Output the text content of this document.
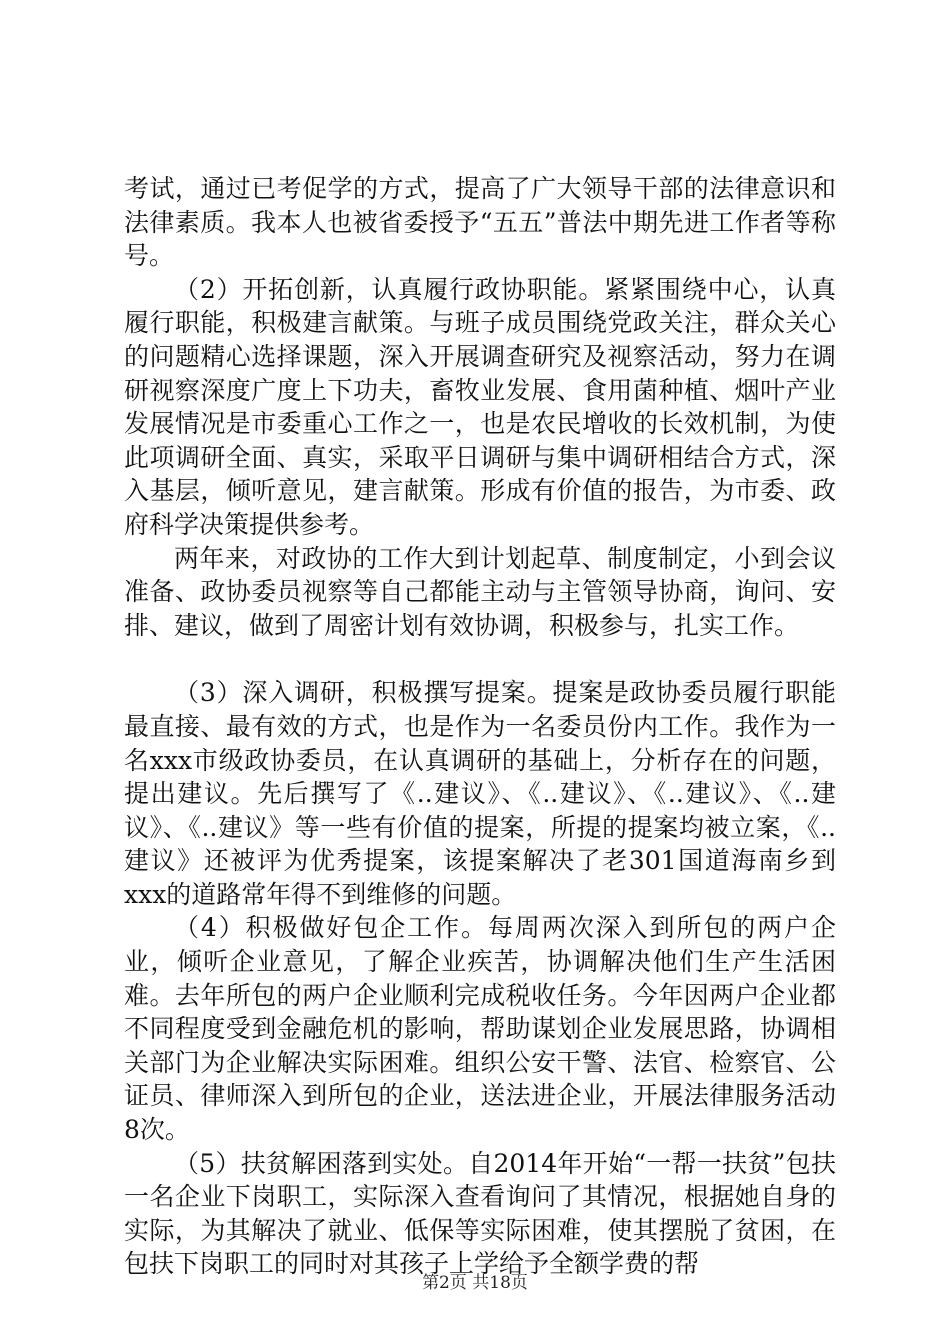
考试，通过已考促学的方式，提高了广大领导干部的法律意识和法律素质。我本人也被省委授予“五五”普法中期先进工作者等称号。

（2）开拓创新，认真履行政协职能。紧紧围绕中心，认真履行职能，积极建言献策。与班子成员围绕党政关注，群众关心的问题精心选择课题，深入开展调查研究及视察活动，努力在调研视察深度广度上下功夫，畜牧业发展、食用菌种植、烟叶产业发展情况是市委重心工作之一，也是农民增收的长效机制，为使此项调研全面、真实，采取平日调研与集中调研相结合方式，深入基层，倾听意见，建言献策。形成有价值的报告，为市委、政府科学决策提供参考。

两年来，对政协的工作大到计划起草、制度制定，小到会议准备、政协委员视察等自己都能主动与主管领导协商，询问、安排、建议，做到了周密计划有效协调，积极参与，扎实工作。

（3）深入调研，积极撰写提案。提案是政协委员履行职能最直接、最有效的方式，也是作为一名委员份内工作。我作为一名xxx市级政协委员，在认真调研的基础上，分析存在的问题，提出建议。先后撰写了《..建议》、《..建议》、《..建议》、《..建议》、《..建议》等一些有价值的提案，所提的提案均被立案，《..建议》还被评为优秀提案，该提案解决了老301国道海南乡到xxx的道路常年得不到维修的问题。

（4）积极做好包企工作。每周两次深入到所包的两户企业，倾听企业意见，了解企业疾苦，协调解决他们生产生活困难。去年所包的两户企业顺利完成税收任务。今年因两户企业都不同程度受到金融危机的影响，帮助谋划企业发展思路，协调相关部门为企业解决实际困难。组织公安干警、法官、检察官、公证员、律师深入到所包的企业，送法进企业，开展法律服务活动8次。

（5）扶贫解困落到实处。自2014年开始“一帮一扶贫”包扶一名企业下岗职工，实际深入查看询问了其情况，根据她自身的实际，为其解决了就业、低保等实际困难，使其摆脱了贫困，在包扶下岗职工的同时对其孩子上学给予全额学费的帮

第2页 共18页
